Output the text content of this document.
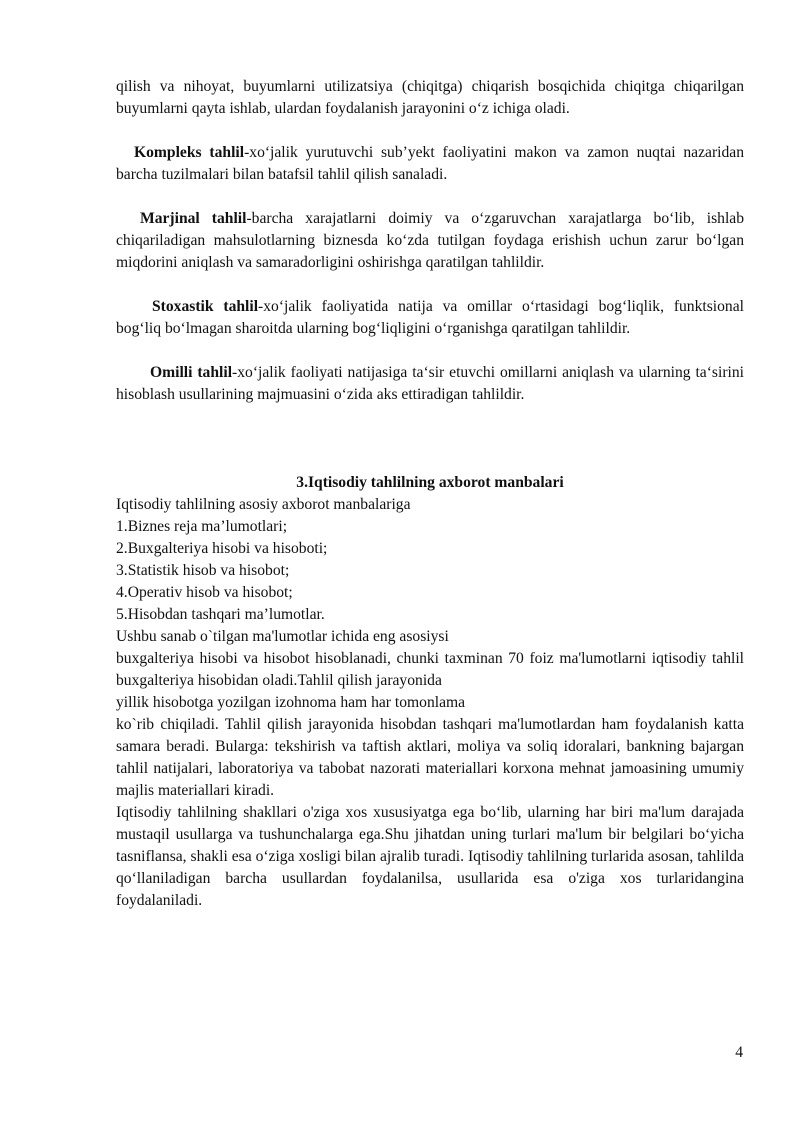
qilish va nihoyat, buyumlarni utilizatsiya (chiqitga) chiqarish bosqichida chiqitga chiqarilgan buyumlarni qayta ishlab, ulardan foydalanish jarayonini oʻz ichiga oladi.

Kompleks tahlil-xoʻjalik yurutuvchi sub’yekt faoliyatini makon va zamon nuqtai nazaridan barcha tuzilmalari bilan batafsil tahlil qilish sanaladi.

Marjinal tahlil-barcha xarajatlarni doimiy va oʻzgaruvchan xarajatlarga boʻlib, ishlab chiqariladigan mahsulotlarning biznesda koʻzda tutilgan foydaga erishish uchun zarur boʻlgan miqdorini aniqlash va samaradorligini oshirishga qaratilgan tahlildir.

Stoxastik tahlil-xoʻjalik faoliyatida natija va omillar oʻrtasidagi bogʻliqlik, funktsional bogʻliq boʻlmagan sharoitda ularning bogʻliqligini oʻrganishga qaratilgan tahlildir.

Omilli tahlil-xoʻjalik faoliyati natijasiga taʻsir etuvchi omillarni aniqlash va ularning taʻsirini hisoblash usullarining majmuasini oʻzida aks ettiradigan tahlildir.

3.Iqtisodiy tahlilning axborot manbalari

Iqtisodiy tahlilning asosiy axborot manbalariga

1.Biznes reja ma’lumotlari;

2.Buxgalteriya hisobi va hisoboti;

3.Statistik hisob va hisobot;

4.Operativ hisob va hisobot;

5.Hisobdan tashqari ma’lumotlar.

Ushbu sanab o`tilgan ma'lumotlar ichida eng asosiysi

buxgalteriya hisobi va hisobot hisoblanadi, chunki taxminan 70 foiz ma'lumotlarni iqtisodiy tahlil buxgalteriya hisobidan oladi.Tahlil qilish jarayonida

yillik hisobotga yozilgan izohnoma ham har tomonlama

ko`rib chiqiladi. Tahlil qilish jarayonida hisobdan tashqari ma'lumotlardan ham foydalanish katta samara beradi. Bularga: tekshirish va taftish aktlari, moliya va soliq idoralari, bankning bajargan tahlil natijalari, laboratoriya va tabobat nazorati materiallari korxona mehnat jamoasining umumiy majlis materiallari kiradi.

Iqtisodiy tahlilning shakllari o'ziga xos xususiyatga ega boʻlib, ularning har biri ma'lum darajada mustaqil usullarga va tushunchalarga ega.Shu jihatdan uning turlari ma'lum bir belgilari boʻyicha tasniflansa, shakli esa oʻziga xosligi bilan ajralib turadi. Iqtisodiy tahlilning turlarida asosan, tahlilda qoʻllaniladigan barcha usullardan foydalanilsa, usullarida esa o'ziga xos turlaridangina foydalaniladi.

4
